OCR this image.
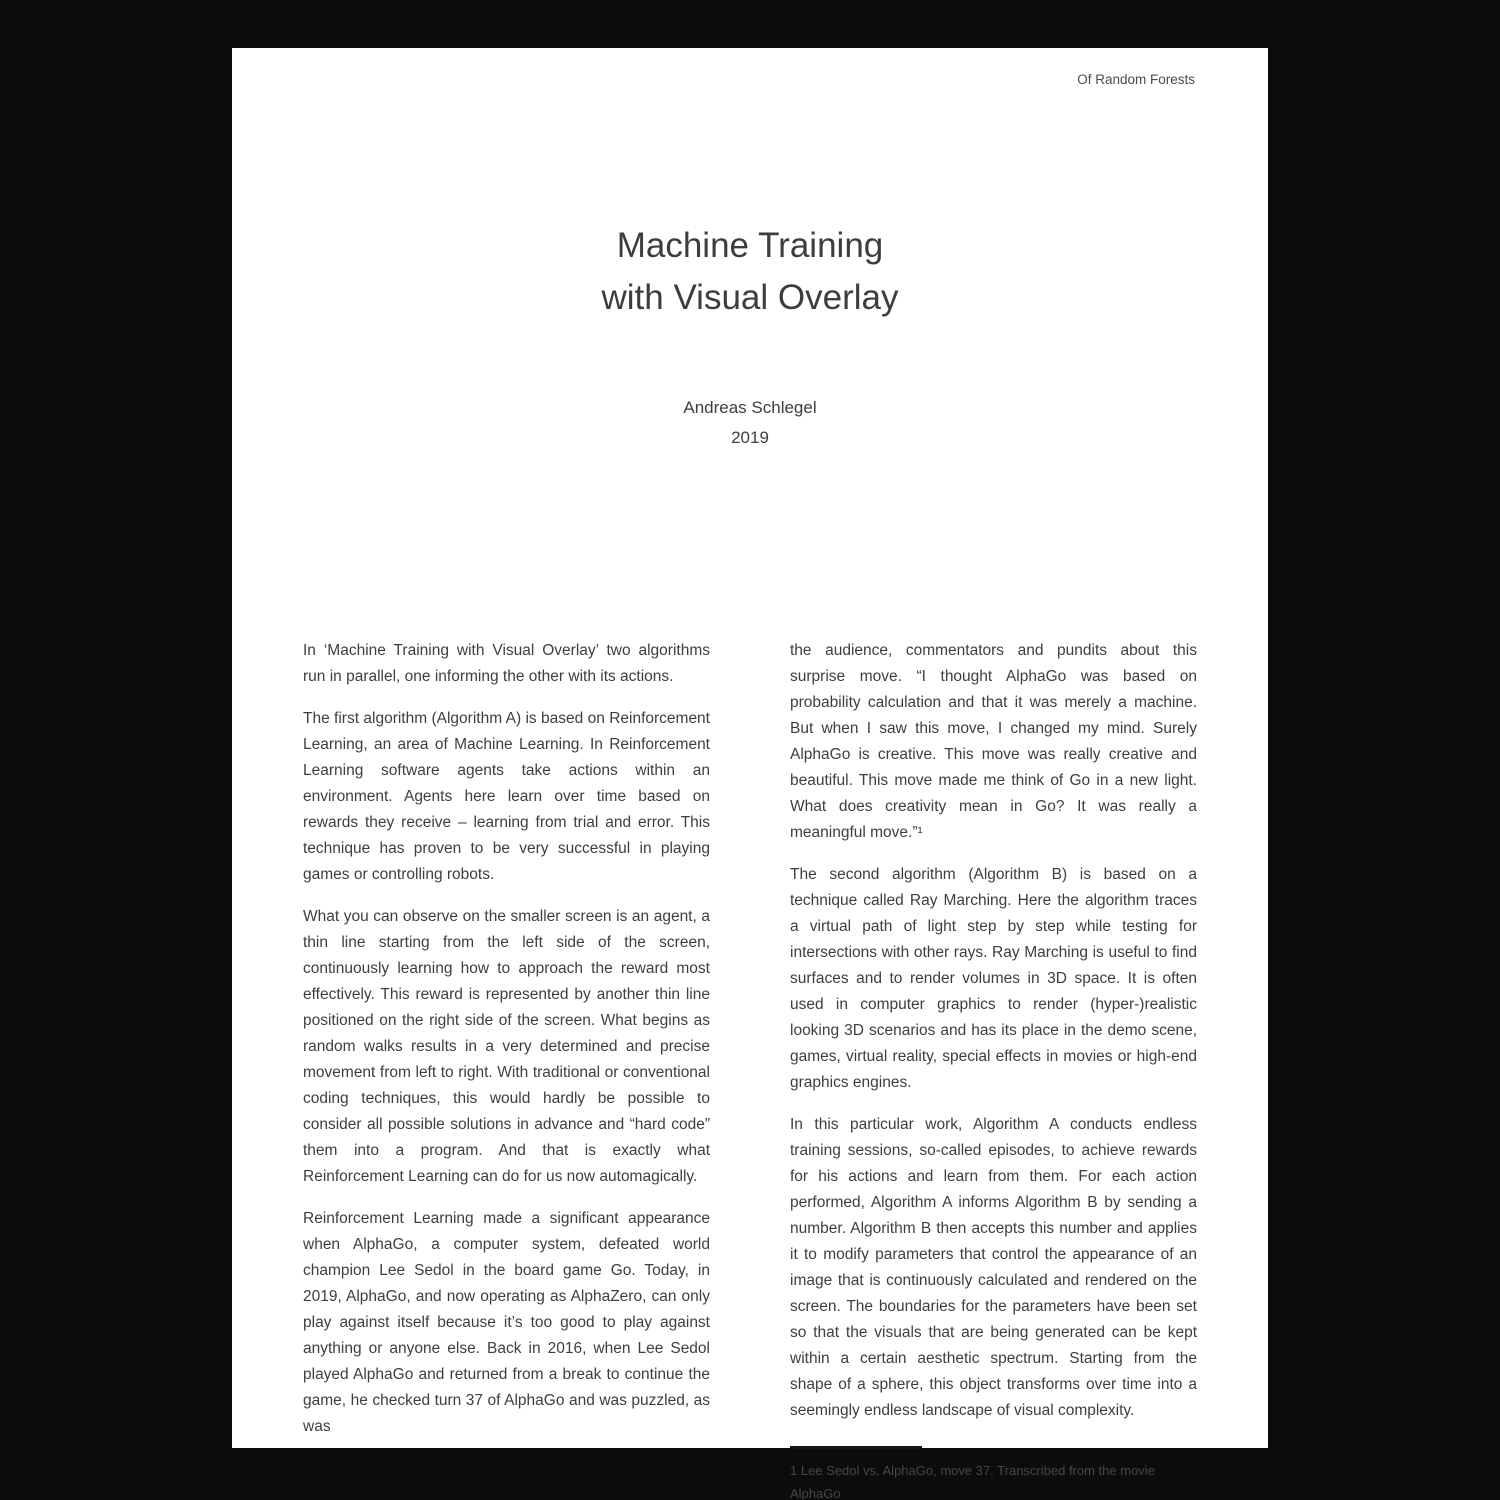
Of Random Forests
Machine Training
with Visual Overlay
Andreas Schlegel
2019

In ‘Machine Training with Visual Overlay’ two algorithms run in parallel, one informing the other with its actions.

The first algorithm (Algorithm A) is based on Reinforcement Learning, an area of Machine Learning. In Reinforcement Learning software agents take actions within an environment. Agents here learn over time based on rewards they receive – learning from trial and error. This technique has proven to be very successful in playing games or controlling robots.

What you can observe on the smaller screen is an agent, a thin line starting from the left side of the screen, continuously learning how to approach the reward most effectively. This reward is represented by another thin line positioned on the right side of the screen. What begins as random walks results in a very determined and precise movement from left to right. With traditional or conventional coding techniques, this would hardly be possible to consider all possible solutions in advance and “hard code” them into a program. And that is exactly what Reinforcement Learning can do for us now automagically.

Reinforcement Learning made a significant appearance when AlphaGo, a computer system, defeated world champion Lee Sedol in the board game Go. Today, in 2019, AlphaGo, and now operating as AlphaZero, can only play against itself because it’s too good to play against anything or anyone else. Back in 2016, when Lee Sedol played AlphaGo and returned from a break to continue the game, he checked turn 37 of AlphaGo and was puzzled, as was

the audience, commentators and pundits about this surprise move. “I thought AlphaGo was based on probability calculation and that it was merely a machine. But when I saw this move, I changed my mind. Surely AlphaGo is creative. This move was really creative and beautiful. This move made me think of Go in a new light. What does creativity mean in Go? It was really a meaningful move.”¹

The second algorithm (Algorithm B) is based on a technique called Ray Marching. Here the algorithm traces a virtual path of light step by step while testing for intersections with other rays. Ray Marching is useful to find surfaces and to render volumes in 3D space. It is often used in computer graphics to render (hyper-)realistic looking 3D scenarios and has its place in the demo scene, games, virtual reality, special effects in movies or high-end graphics engines.

In this particular work, Algorithm A conducts endless training sessions, so-called episodes, to achieve rewards for his actions and learn from them. For each action performed, Algorithm A informs Algorithm B by sending a number. Algorithm B then accepts this number and applies it to modify parameters that control the appearance of an image that is continuously calculated and rendered on the screen. The boundaries for the parameters have been set so that the visuals that are being generated can be kept within a certain aesthetic spectrum. Starting from the shape of a sphere, this object transforms over time into a seemingly endless landscape of visual complexity.

1 Lee Sedol vs. AlphaGo, move 37. Transcribed from the movie AlphaGo
